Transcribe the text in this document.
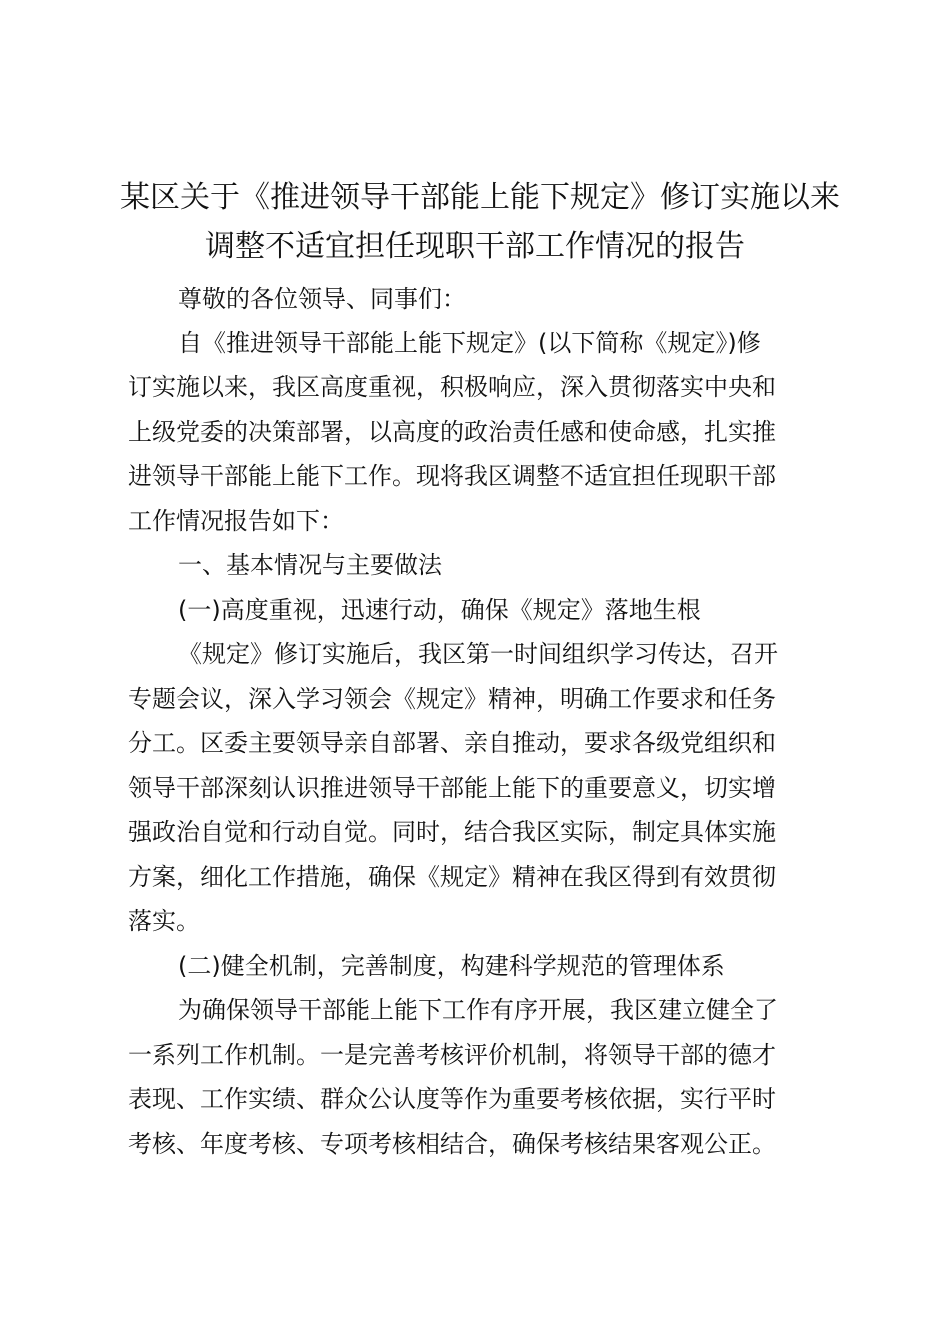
某区关于《推进领导干部能上能下规定》修订实施以来
调整不适宜担任现职干部工作情况的报告
尊敬的各位领导、同事们：
自《推进领导干部能上能下规定》(以下简称《规定》)修
订实施以来，我区高度重视，积极响应，深入贯彻落实中央和
上级党委的决策部署，以高度的政治责任感和使命感，扎实推
进领导干部能上能下工作。现将我区调整不适宜担任现职干部
工作情况报告如下：
一、基本情况与主要做法
(一)高度重视，迅速行动，确保《规定》落地生根
《规定》修订实施后，我区第一时间组织学习传达，召开
专题会议，深入学习领会《规定》精神，明确工作要求和任务
分工。区委主要领导亲自部署、亲自推动，要求各级党组织和
领导干部深刻认识推进领导干部能上能下的重要意义，切实增
强政治自觉和行动自觉。同时，结合我区实际，制定具体实施
方案，细化工作措施，确保《规定》精神在我区得到有效贯彻
落实。
(二)健全机制，完善制度，构建科学规范的管理体系
为确保领导干部能上能下工作有序开展，我区建立健全了
一系列工作机制。一是完善考核评价机制，将领导干部的德才
表现、工作实绩、群众公认度等作为重要考核依据，实行平时
考核、年度考核、专项考核相结合，确保考核结果客观公正。
